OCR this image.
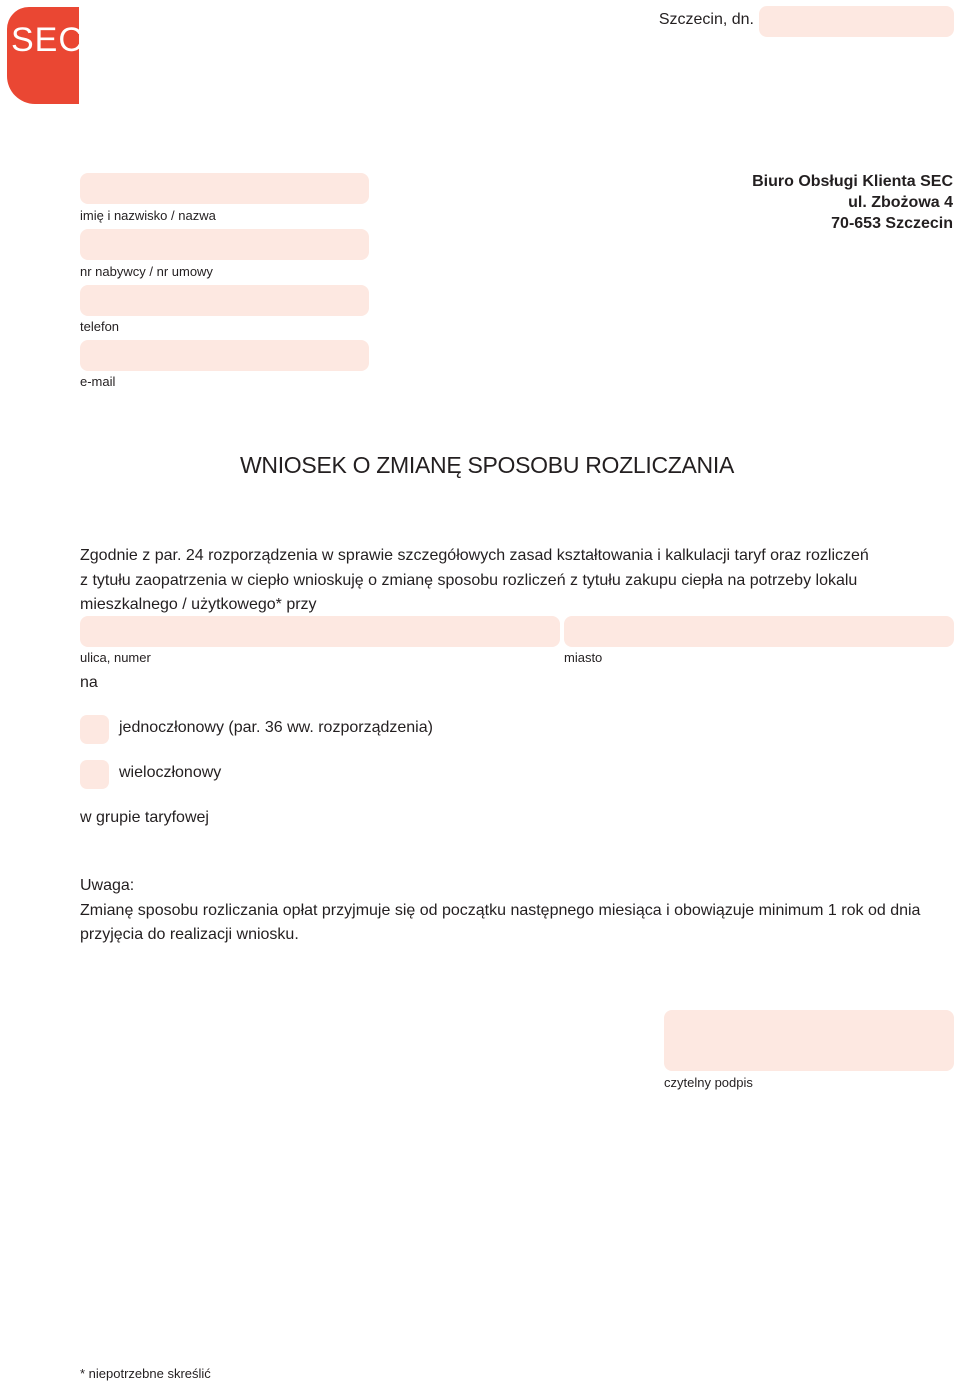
SEC
Szczecin, dn.
Biuro Obsługi Klienta SEC
ul. Zbożowa 4
70-653 Szczecin
imię i nazwisko / nazwa
nr nabywcy / nr umowy
telefon
e-mail
WNIOSEK O ZMIANĘ SPOSOBU ROZLICZANIA
Zgodnie z par. 24 rozporządzenia w sprawie szczegółowych zasad kształtowania i kalkulacji taryf oraz rozliczeń
z tytułu zaopatrzenia w ciepło wnioskuję o zmianę sposobu rozliczeń z tytułu zakupu ciepła na potrzeby lokalu
mieszkalnego / użytkowego* przy
ulica, numer	miasto
na
jednoczłonowy (par. 36 ww. rozporządzenia)
wieloczłonowy
w grupie taryfowej
Uwaga:
Zmianę sposobu rozliczania opłat przyjmuje się od początku następnego miesiąca i obowiązuje minimum 1 rok od dnia
przyjęcia do realizacji wniosku.
czytelny podpis
* niepotrzebne skreślić
